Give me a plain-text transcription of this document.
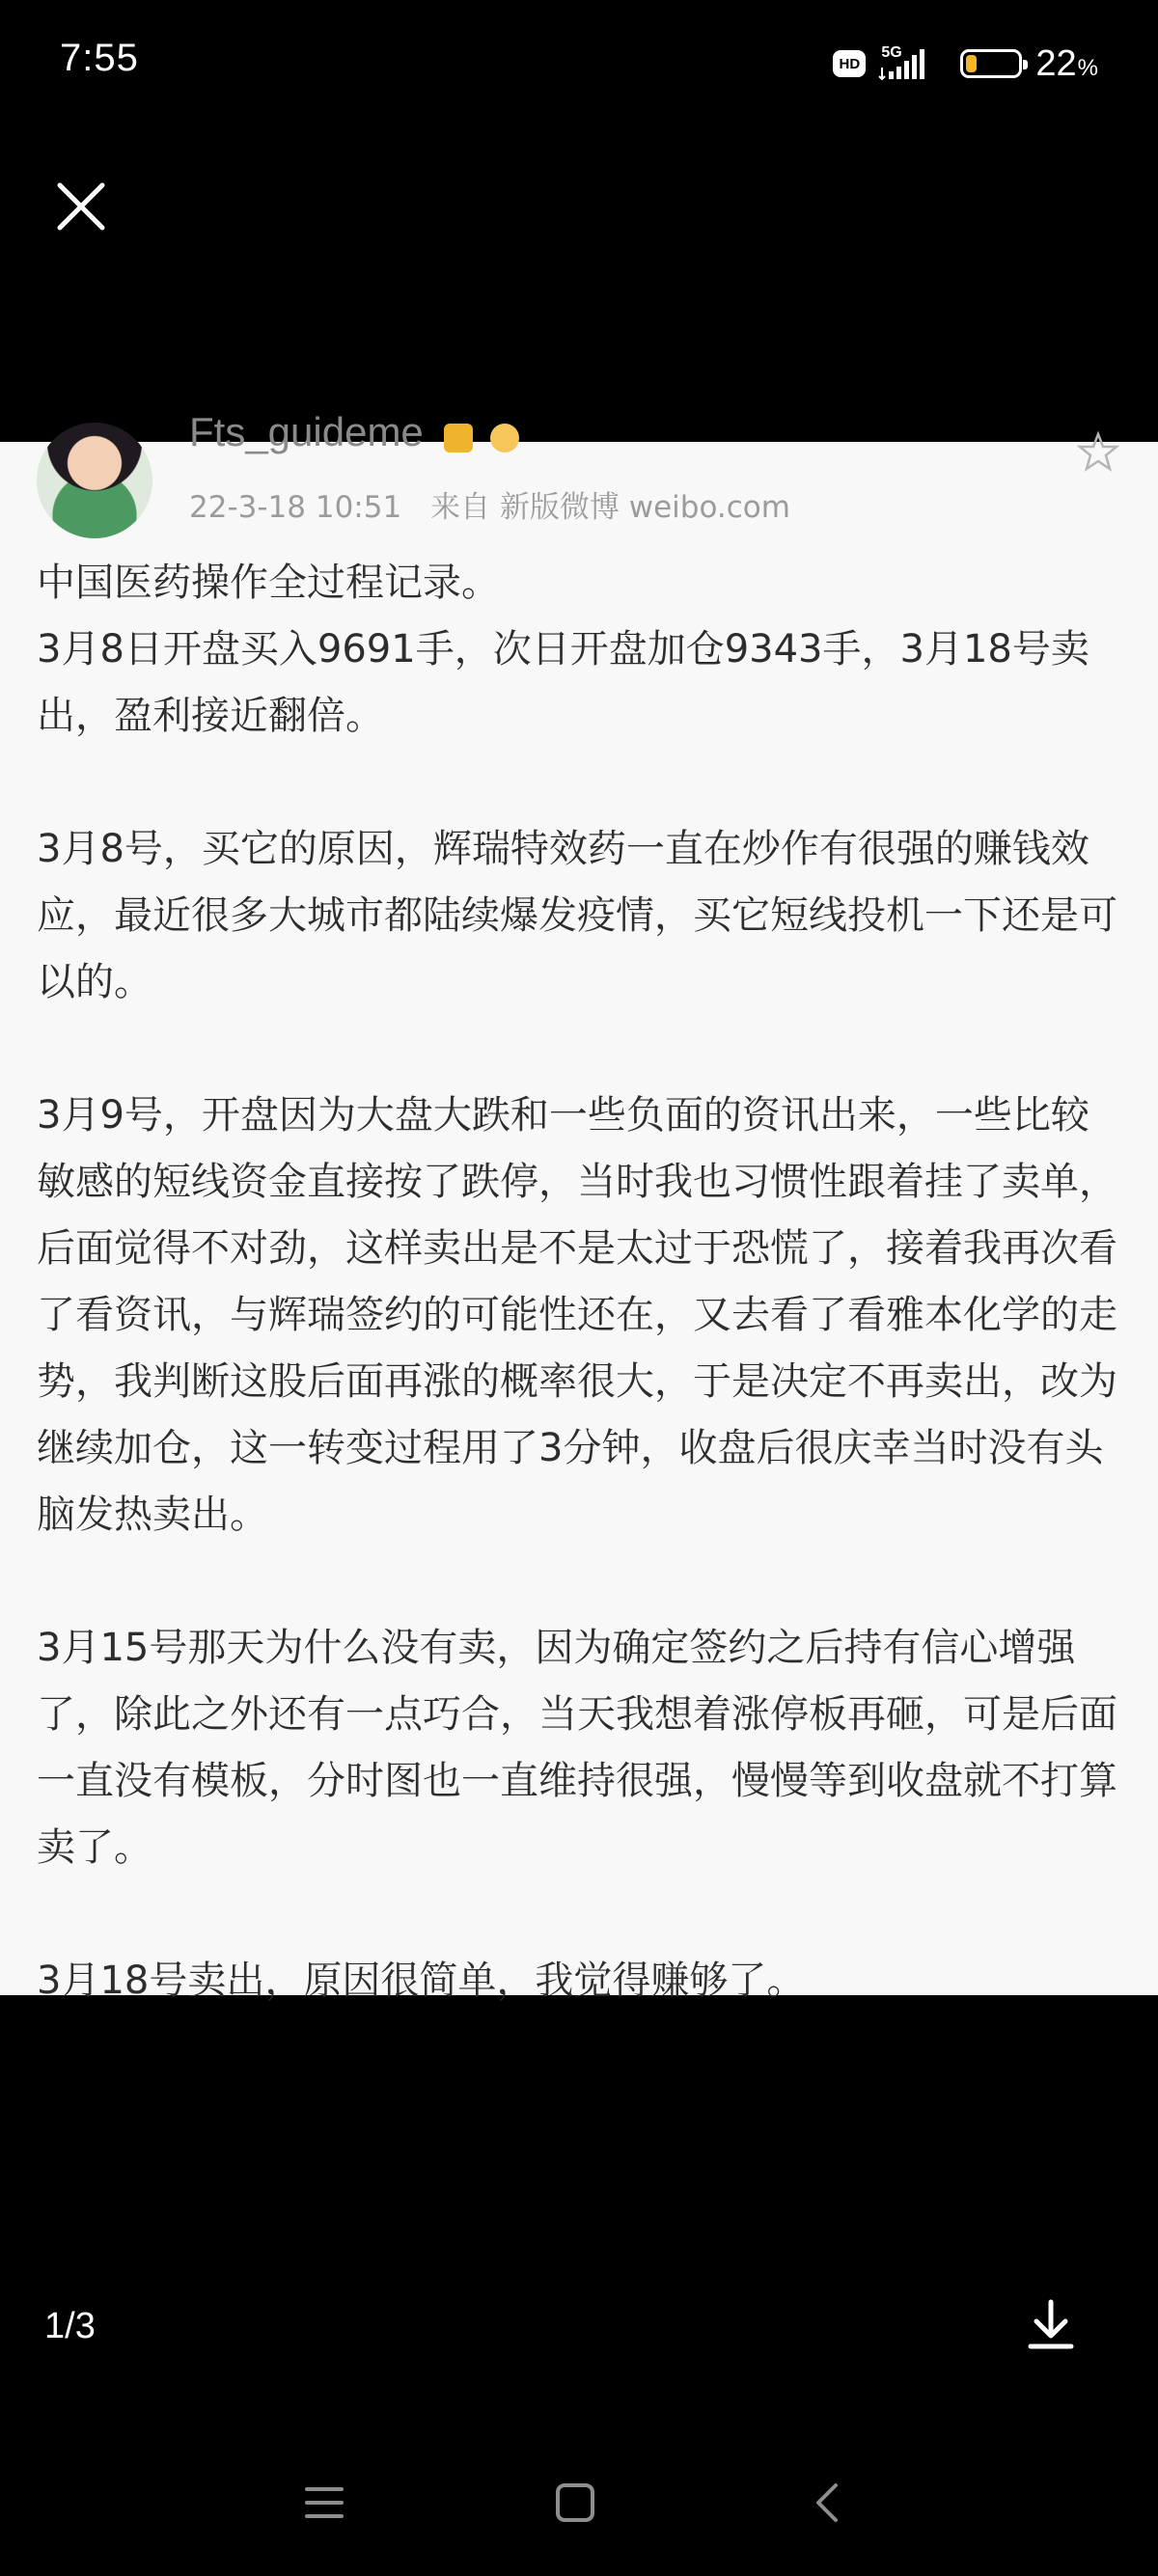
7:55	HD
5G	22 %
Fts_guideme
22-3-18 10:51 来自 新版微博 weibo.com

中国医药操作全过程记录。

3月8日开盘买入9691手，次日开盘加仓9343手，3月18号卖出，盈利接近翻倍。

3月8号，买它的原因，辉瑞特效药一直在炒作有很强的赚钱效应，最近很多大城市都陆续爆发疫情，买它短线投机一下还是可以的。

3月9号，开盘因为大盘大跌和一些负面的资讯出来，一些比较敏感的短线资金直接按了跌停，当时我也习惯性跟着挂了卖单，后面觉得不对劲，这样卖出是不是太过于恐慌了，接着我再次看了看资讯，与辉瑞签约的可能性还在，又去看了看雅本化学的走势，我判断这股后面再涨的概率很大，于是决定不再卖出，改为继续加仓，这一转变过程用了3分钟，收盘后很庆幸当时没有头脑发热卖出。

3月15号那天为什么没有卖，因为确定签约之后持有信心增强了，除此之外还有一点巧合，当天我想着涨停板再砸，可是后面一直没有模板，分时图也一直维持很强，慢慢等到收盘就不打算卖了。

3月18号卖出，原因很简单，我觉得赚够了。

1/3
